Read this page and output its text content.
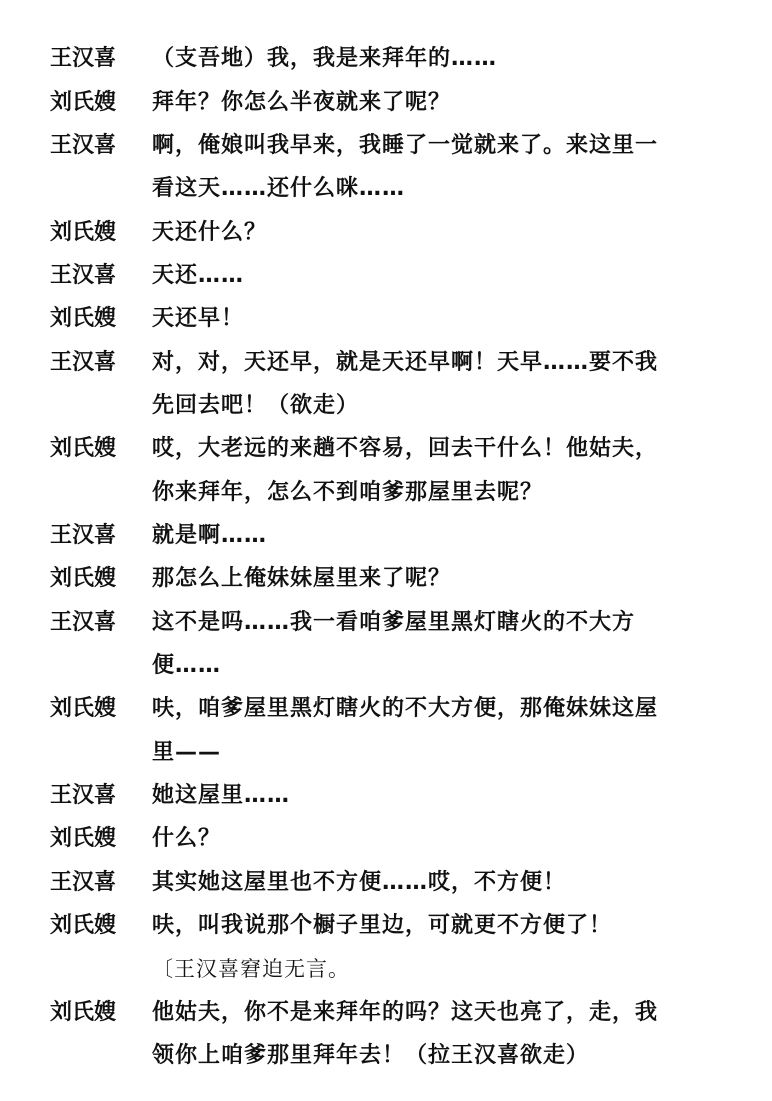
王汉喜 （支吾地）我，我是来拜年的……
刘氏嫂 拜年？你怎么半夜就来了呢？
王汉喜 啊，俺娘叫我早来，我睡了一觉就来了。来这里一
看这天……还什么咪……
刘氏嫂 天还什么？
王汉喜 天还……
刘氏嫂 天还早！
王汉喜 对，对，天还早，就是天还早啊！天早……要不我
先回去吧！（欲走）
刘氏嫂 哎，大老远的来趟不容易，回去干什么！他姑夫，
你来拜年，怎么不到咱爹那屋里去呢？
王汉喜 就是啊……
刘氏嫂 那怎么上俺妹妹屋里来了呢？
王汉喜 这不是吗……我一看咱爹屋里黑灯瞎火的不大方
便……
刘氏嫂 呋，咱爹屋里黑灯瞎火的不大方便，那俺妹妹这屋
里——
王汉喜 她这屋里……
刘氏嫂 什么？
王汉喜 其实她这屋里也不方便……哎，不方便！
刘氏嫂 呋，叫我说那个橱子里边，可就更不方便了！
〔王汉喜窘迫无言。
刘氏嫂 他姑夫，你不是来拜年的吗？这天也亮了，走，我
领你上咱爹那里拜年去！（拉王汉喜欲走）
